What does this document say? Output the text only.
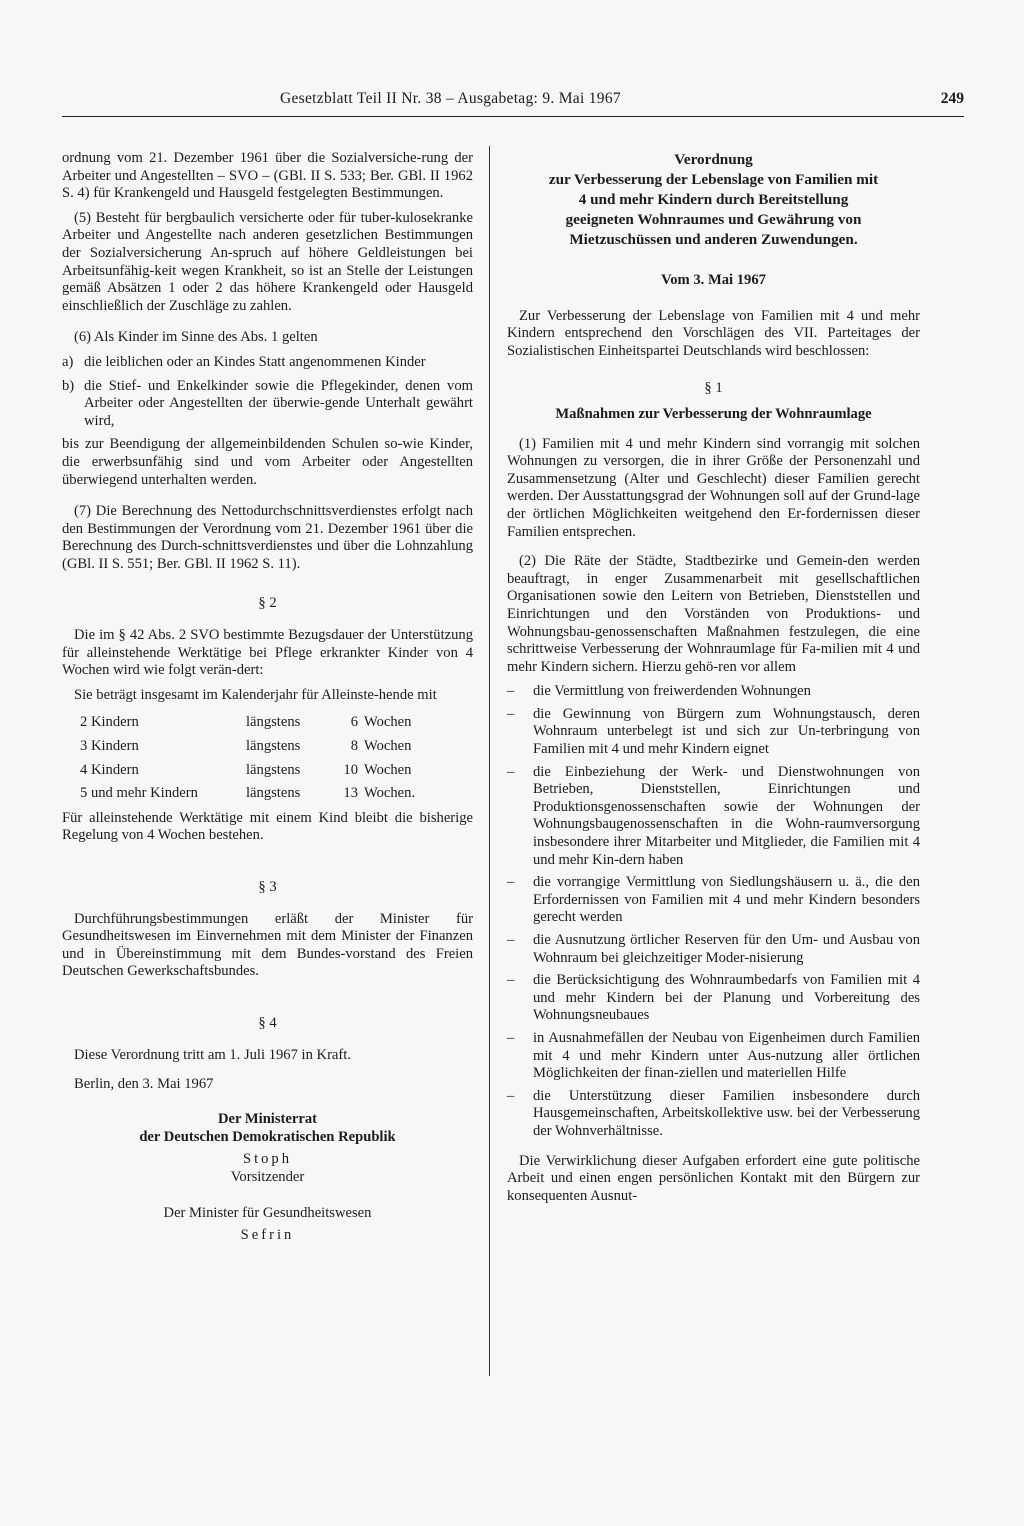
Gesetzblatt Teil II Nr. 38 – Ausgabetag: 9. Mai 1967	249

ordnung vom 21. Dezember 1961 über die Sozialversiche-rung der Arbeiter und Angestellten – SVO – (GBl. II S. 533; Ber. GBl. II 1962 S. 4) für Krankengeld und Hausgeld festgelegten Bestimmungen.

(5) Besteht für bergbaulich versicherte oder für tuber-kulosekranke Arbeiter und Angestellte nach anderen gesetzlichen Bestimmungen der Sozialversicherung An-spruch auf höhere Geldleistungen bei Arbeitsunfähig-keit wegen Krankheit, so ist an Stelle der Leistungen gemäß Absätzen 1 oder 2 das höhere Krankengeld oder Hausgeld einschließlich der Zuschläge zu zahlen.

(6) Als Kinder im Sinne des Abs. 1 gelten

a) die leiblichen oder an Kindes Statt angenommenen Kinder
b) die Stief- und Enkelkinder sowie die Pflegekinder, denen vom Arbeiter oder Angestellten der überwie-gende Unterhalt gewährt wird,

bis zur Beendigung der allgemeinbildenden Schulen so-wie Kinder, die erwerbsunfähig sind und vom Arbeiter oder Angestellten überwiegend unterhalten werden.

(7) Die Berechnung des Nettodurchschnittsverdienstes erfolgt nach den Bestimmungen der Verordnung vom 21. Dezember 1961 über die Berechnung des Durch-schnittsverdienstes und über die Lohnzahlung (GBl. II S. 551; Ber. GBl. II 1962 S. 11).

§ 2

Die im § 42 Abs. 2 SVO bestimmte Bezugsdauer der Unterstützung für alleinstehende Werktätige bei Pflege erkrankter Kinder von 4 Wochen wird wie folgt verän-dert:

Sie beträgt insgesamt im Kalenderjahr für Alleinste-hende mit

2 Kindern	längstens	6	Wochen
3 Kindern	längstens	8	Wochen
4 Kindern	längstens	10	Wochen
5 und mehr Kindern	längstens	13	Wochen.

Für alleinstehende Werktätige mit einem Kind bleibt die bisherige Regelung von 4 Wochen bestehen.

§ 3

Durchführungsbestimmungen erläßt der Minister für Gesundheitswesen im Einvernehmen mit dem Minister der Finanzen und in Übereinstimmung mit dem Bundes-vorstand des Freien Deutschen Gewerkschaftsbundes.

§ 4

Diese Verordnung tritt am 1. Juli 1967 in Kraft.

Berlin, den 3. Mai 1967

Der Ministerrat

der Deutschen Demokratischen Republik

Stoph

Vorsitzender

Der Minister für Gesundheitswesen

Sefrin

Verordnung
zur Verbesserung der Lebenslage von Familien mit
4 und mehr Kindern durch Bereitstellung
geeigneten Wohnraumes und Gewährung von
Mietzuschüssen und anderen Zuwendungen.
Vom 3. Mai 1967

Zur Verbesserung der Lebenslage von Familien mit 4 und mehr Kindern entsprechend den Vorschlägen des VII. Parteitages der Sozialistischen Einheitspartei Deutschlands wird beschlossen:

§ 1
Maßnahmen zur Verbesserung der Wohnraumlage

(1) Familien mit 4 und mehr Kindern sind vorrangig mit solchen Wohnungen zu versorgen, die in ihrer Größe der Personenzahl und Zusammensetzung (Alter und Geschlecht) dieser Familien gerecht werden. Der Ausstattungsgrad der Wohnungen soll auf der Grund-lage der örtlichen Möglichkeiten weitgehend den Er-fordernissen dieser Familien entsprechen.

(2) Die Räte der Städte, Stadtbezirke und Gemein-den werden beauftragt, in enger Zusammenarbeit mit gesellschaftlichen Organisationen sowie den Leitern von Betrieben, Dienststellen und Einrichtungen und den Vorständen von Produktions- und Wohnungsbau-genossenschaften Maßnahmen festzulegen, die eine schrittweise Verbesserung der Wohnraumlage für Fa-milien mit 4 und mehr Kindern sichern. Hierzu gehö-ren vor allem

–	die Vermittlung von freiwerdenden Wohnungen
–	die Gewinnung von Bürgern zum Wohnungstausch, deren Wohnraum unterbelegt ist und sich zur Un-terbringung von Familien mit 4 und mehr Kindern eignet
–	die Einbeziehung der Werk- und Dienstwohnungen von Betrieben, Dienststellen, Einrichtungen und Produktionsgenossenschaften sowie der Wohnungen der Wohnungsbaugenossenschaften in die Wohn-raumversorgung insbesondere ihrer Mitarbeiter und Mitglieder, die Familien mit 4 und mehr Kin-dern haben
–	die vorrangige Vermittlung von Siedlungshäusern u. ä., die den Erfordernissen von Familien mit 4 und mehr Kindern besonders gerecht werden
–	die Ausnutzung örtlicher Reserven für den Um- und Ausbau von Wohnraum bei gleichzeitiger Moder-nisierung
–	die Berücksichtigung des Wohnraumbedarfs von Familien mit 4 und mehr Kindern bei der Planung und Vorbereitung des Wohnungsneubaues
–	in Ausnahmefällen der Neubau von Eigenheimen durch Familien mit 4 und mehr Kindern unter Aus-nutzung aller örtlichen Möglichkeiten der finan-ziellen und materiellen Hilfe
–	die Unterstützung dieser Familien insbesondere durch Hausgemeinschaften, Arbeitskollektive usw. bei der Verbesserung der Wohnverhältnisse.

Die Verwirklichung dieser Aufgaben erfordert eine gute politische Arbeit und einen engen persönlichen Kontakt mit den Bürgern zur konsequenten Ausnut-
